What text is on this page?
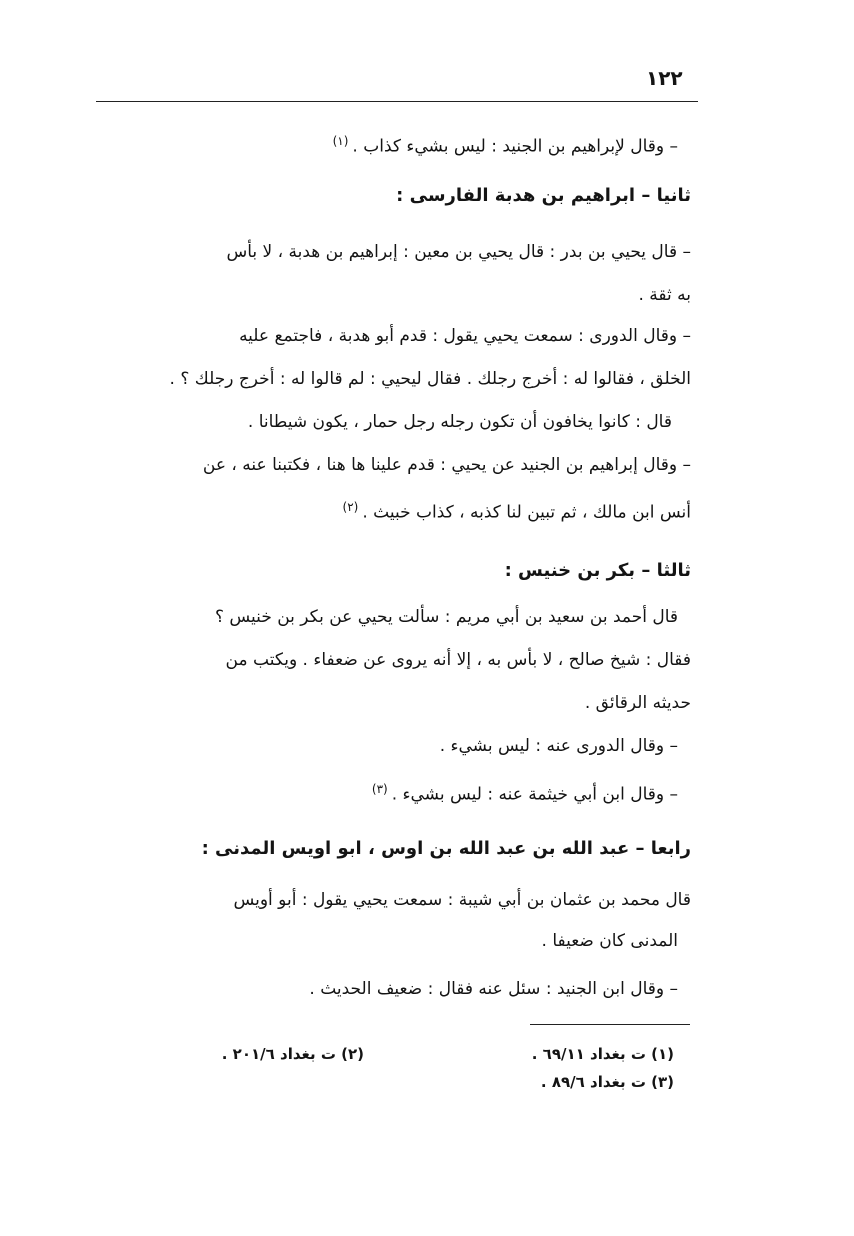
١٢٢
– وقال لإبراهيم بن الجنيد : ليس بشيء كذاب .$^{(١)}$
ثانيا – ابراهيم بن هدبة الفارسى :
– قال يحيي بن بدر : قال يحيي بن معين : إبراهيم بن هدبة ، لا بأس
به ثقة .
– وقال الدورى : سمعت يحيي يقول : قدم أبو هدبة ، فاجتمع عليه
الخلق ، فقالوا له : أخرج رجلك . فقال ليحيي : لم قالوا له : أخرج رجلك ؟ .
قال : كانوا يخافون أن تكون رجله رجل حمار ، يكون شيطانا .
– وقال إبراهيم بن الجنيد عن يحيي : قدم علينا ها هنا ، فكتبنا عنه ، عن
أنس ابن مالك ، ثم تبين لنا كذبه ، كذاب خبيث .$^{(٢)}$
ثالثا – بكر بن خنيس :
قال أحمد بن سعيد بن أبي مريم : سألت يحيي عن بكر بن خنيس ؟
فقال : شيخ صالح ، لا بأس به ، إلا أنه يروى عن ضعفاء . ويكتب من
حديثه الرقائق .
– وقال الدورى عنه : ليس بشيء .
– وقال ابن أبي خيثمة عنه : ليس بشيء .$^{(٣)}$
رابعا – عبد الله بن عبد الله بن اوس ، ابو اويس المدنى :
قال محمد بن عثمان بن أبي شيبة : سمعت يحيي يقول : أبو أويس
المدنى كان ضعيفا .
– وقال ابن الجنيد : سئل عنه فقال : ضعيف الحديث .
(١) ت بغداد ٦٩/١١ .
(٢) ت بغداد ٢٠١/٦ .
(٣) ت بغداد ٨٩/٦ .
